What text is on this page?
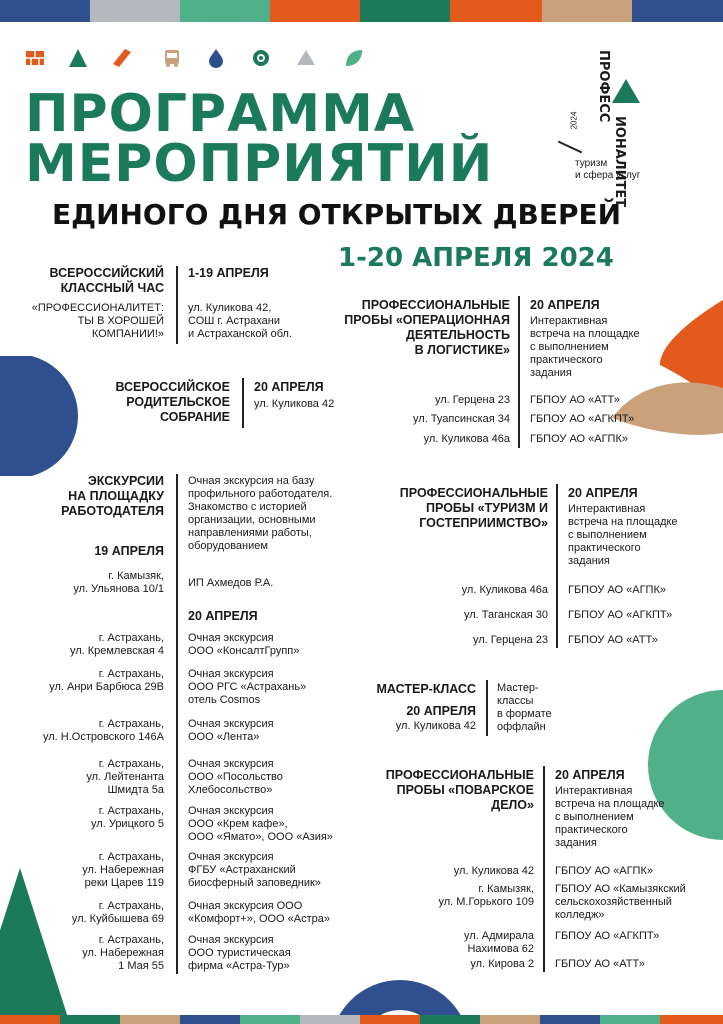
ПРОФЕСС
ИОНАЛИТЕТ
2024
туризм
и сфера услуг
ПРОГРАММА
МЕРОПРИЯТИЙ
ЕДИНОГО ДНЯ ОТКРЫТЫХ ДВЕРЕЙ
1-20 АПРЕЛЯ 2024
ВСЕРОССИЙСКИЙ
КЛАССНЫЙ ЧАС
«ПРОФЕССИОНАЛИТЕТ:
ТЫ В ХОРОШЕЙ
КОМПАНИИ!»
1-19 АПРЕЛЯ
ул. Куликова 42,
СОШ г. Астрахани
и Астраханской обл.
ВСЕРОССИЙСКОЕ
РОДИТЕЛЬСКОЕ
СОБРАНИЕ
20 АПРЕЛЯ
ул. Куликова 42
ПРОФЕССИОНАЛЬНЫЕ
ПРОБЫ «ОПЕРАЦИОННАЯ
ДЕЯТЕЛЬНОСТЬ
В ЛОГИСТИКЕ»
20 АПРЕЛЯ
Интерактивная
встреча на площадке
с выполнением
практического
задания
ул. Герцена 23 ГБПОУ АО «АТТ»
ул. Туапсинская 34 ГБПОУ АО «АГКПТ»
ул. Куликова 46а ГБПОУ АО «АГПК»
ЭКСКУРСИИ
НА ПЛОЩАДКУ
РАБОТОДАТЕЛЯ
Очная экскурсия на базу
профильного работодателя.
Знакомство с историей
организации, основными
направлениями работы,
оборудованием
19 АПРЕЛЯ
г. Камызяк,
ул. Ульянова 10/1 ИП Ахмедов Р.А.
20 АПРЕЛЯ
г. Астрахань,
ул. Кремлевская 4
Очная экскурсия
ООО «КонсалтГрупп»
г. Астрахань,
ул. Анри Барбюса 29В
Очная экскурсия
ООО РГС «Астрахань»
отель Cosmos
г. Астрахань,
ул. Н.Островского 146А
Очная экскурсия
ООО «Лента»
г. Астрахань,
ул. Лейтенанта
Шмидта 5а
Очная экскурсия
ООО «Посольство
Хлебосольство»
г. Астрахань,
ул. Урицкого 5
Очная экскурсия
ООО «Крем кафе»,
ООО «Ямато», ООО «Азия»
г. Астрахань,
ул. Набережная
реки Царев 119
Очная экскурсия
ФГБУ «Астраханский
биосферный заповедник»
г. Астрахань,
ул. Куйбышева 69
Очная экскурсия ООО
«Комфорт+», ООО «Астра»
г. Астрахань,
ул. Набережная
1 Мая 55
Очная экскурсия
ООО туристическая
фирма «Астра-Тур»
ПРОФЕССИОНАЛЬНЫЕ
ПРОБЫ «ТУРИЗМ И
ГОСТЕПРИИМСТВО»
20 АПРЕЛЯ
Интерактивная
встреча на площадке
с выполнением
практического
задания
ул. Куликова 46а ГБПОУ АО «АГПК»
ул. Таганская 30 ГБПОУ АО «АГКПТ»
ул. Герцена 23 ГБПОУ АО «АТТ»
МАСТЕР-КЛАСС
20 АПРЕЛЯ
ул. Куликова 42
Мастер-
классы
в формате
оффлайн
ПРОФЕССИОНАЛЬНЫЕ
ПРОБЫ «ПОВАРСКОЕ
ДЕЛО»
20 АПРЕЛЯ
Интерактивная
встреча на площадке
с выполнением
практического
задания
ул. Куликова 42 ГБПОУ АО «АГПК»
г. Камызяк,
ул. М.Горького 109
ГБПОУ АО «Камызякский
сельскохозяйственный
колледж»
ул. Адмирала
Нахимова 62
ГБПОУ АО «АГКПТ»
ул. Кирова 2 ГБПОУ АО «АТТ»
